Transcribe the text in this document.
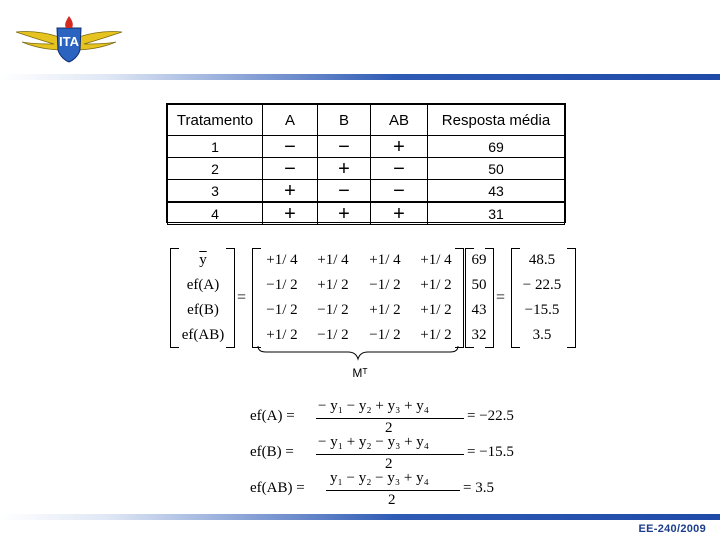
ITA
Tratamento	A	B	AB	Resposta média
1	−	−	+	69
2	−	+	−	50
3	+	−	−	43
4	+	+	+	31
$\overline{y}$
ef(A)
ef(B)
ef(AB)
=
+1/ 4	+1/ 4	+1/ 4	+1/ 4
−1/ 2	+1/ 2	−1/ 2	+1/ 2
−1/ 2	−1/ 2	+1/ 2	+1/ 2
+1/ 2	−1/ 2	−1/ 2	+1/ 2
69
50
43
32
=
48.5
− 22.5
−15.5
3.5
Mᵀ
ef(A) =
− y₁ − y₂ + y₃ + y₄
2
= −22.5
ef(B) =
− y₁ + y₂ − y₃ + y₄
2
= −15.5
ef(AB) =
y₁ − y₂ − y₃ + y₄
2
= 3.5
EE-240/2009
